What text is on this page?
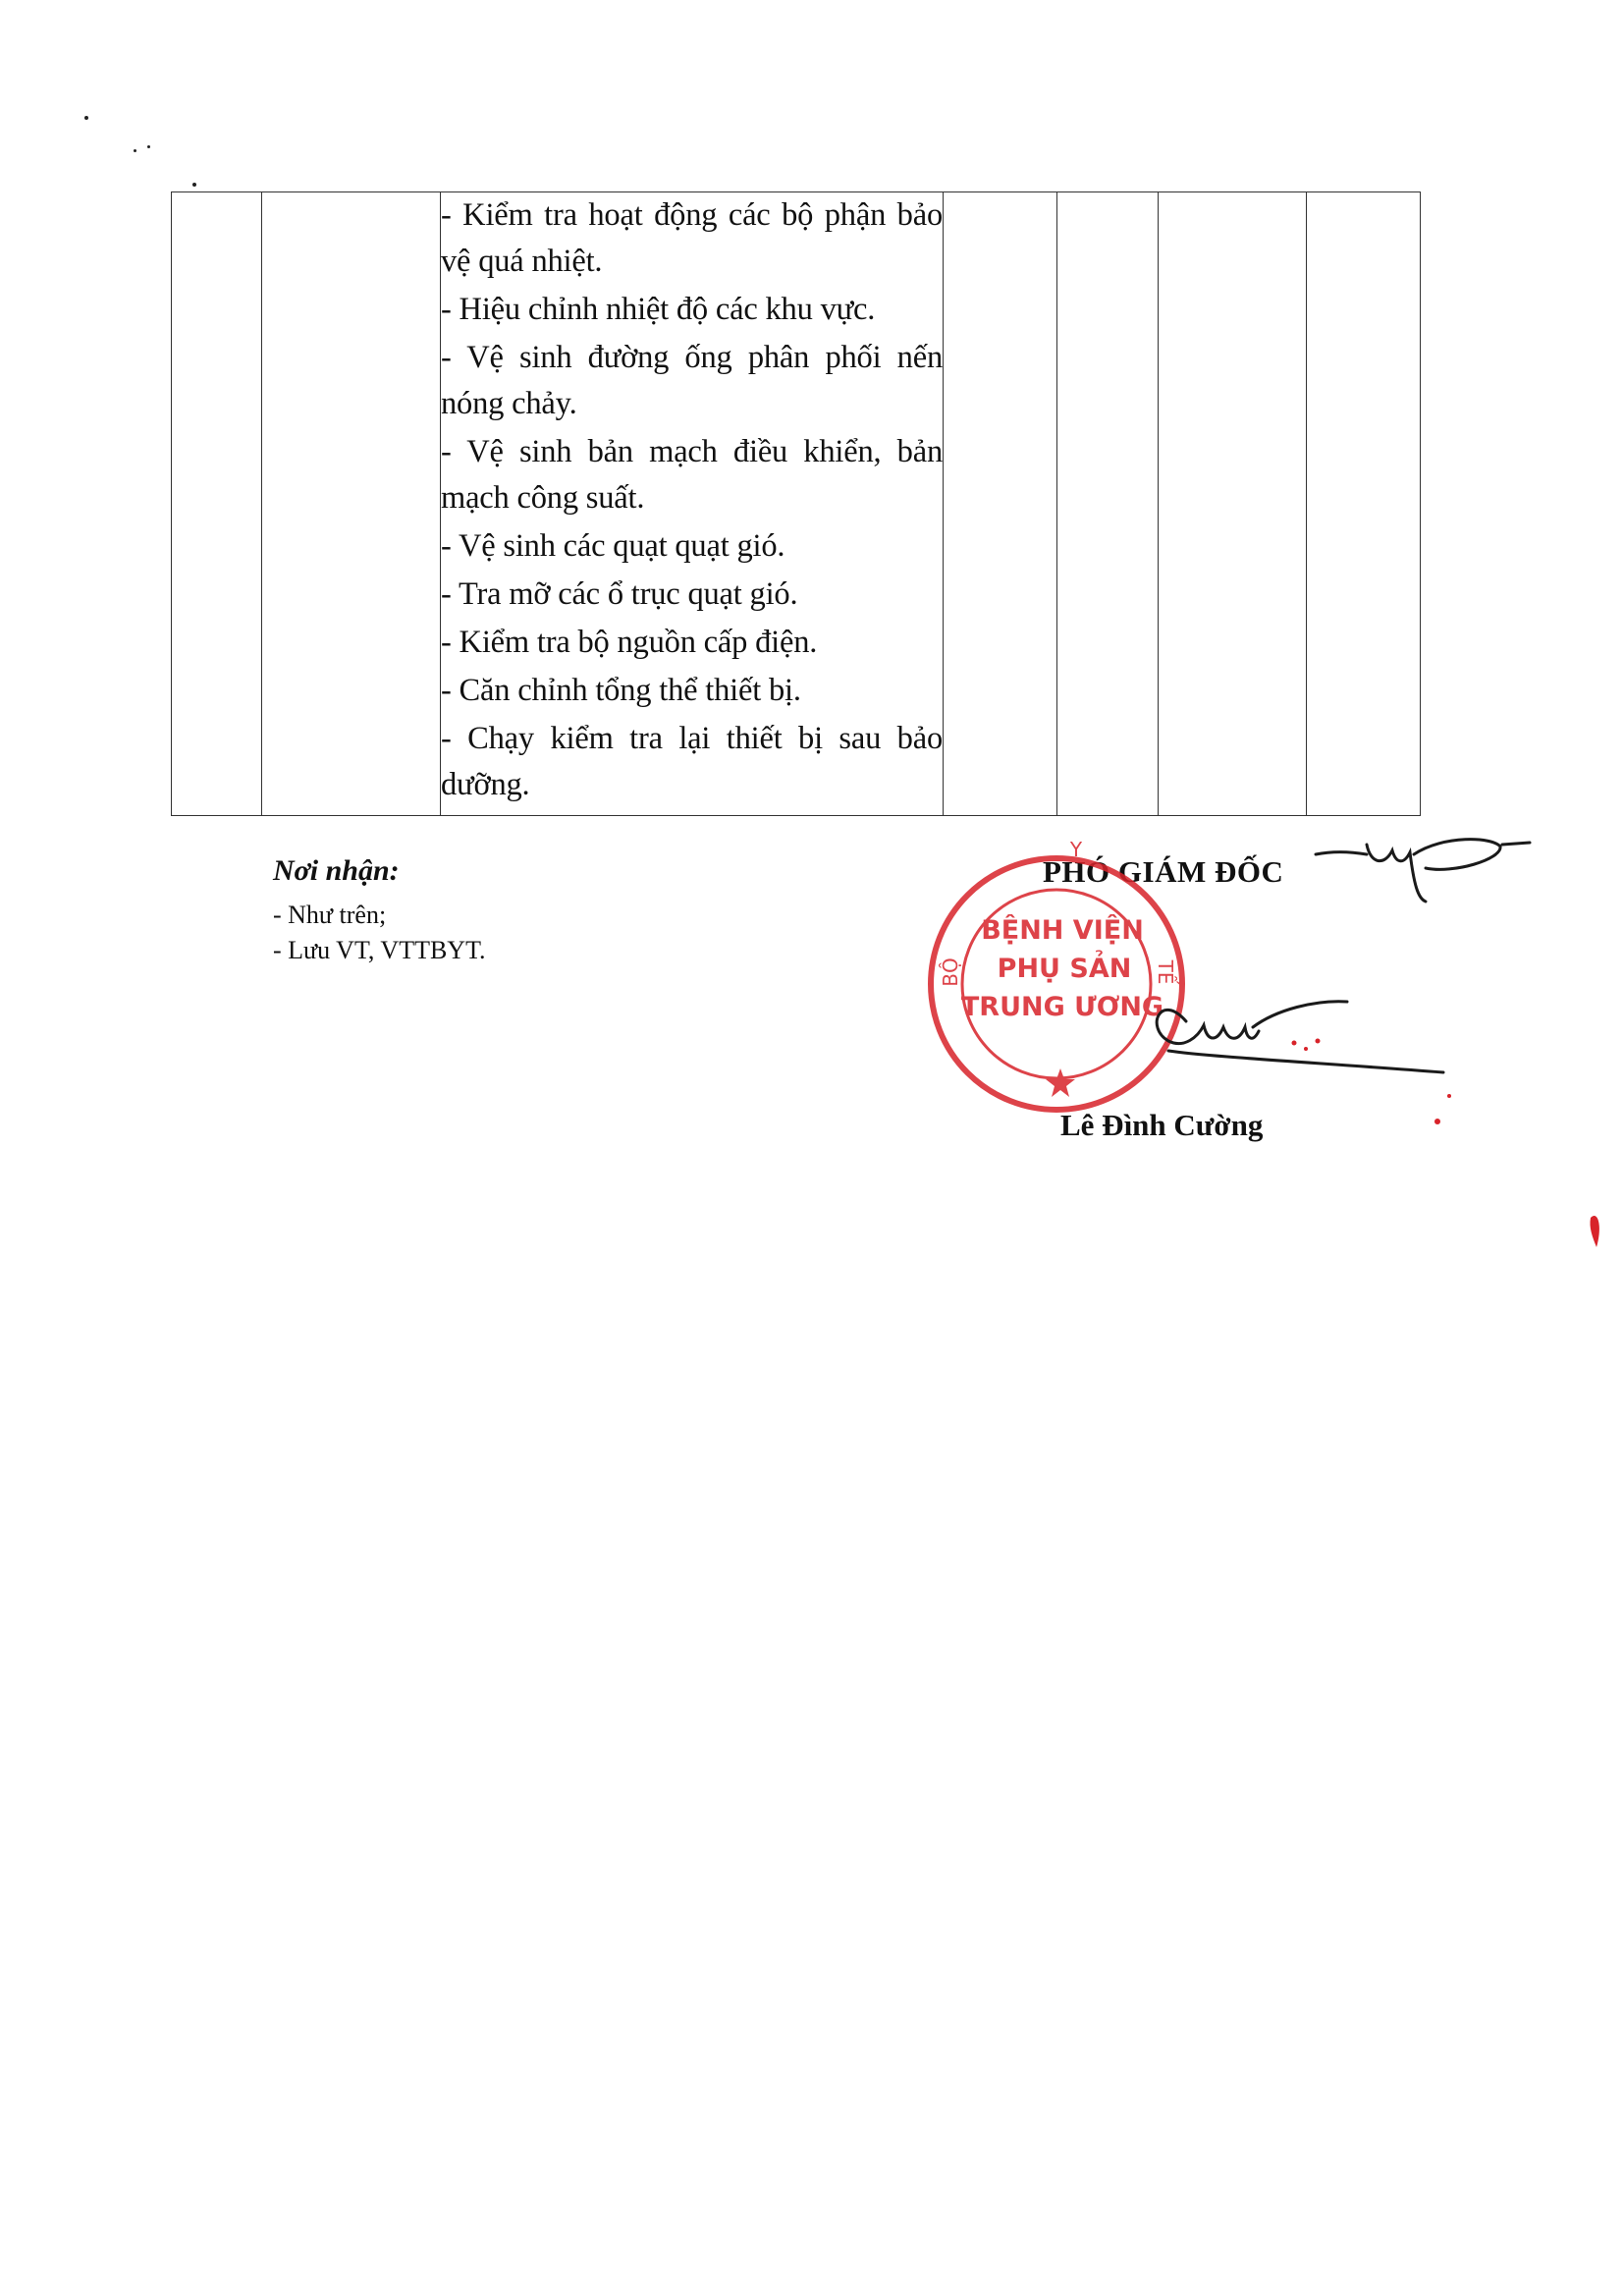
- Kiểm tra hoạt động các bộ phận bảo vệ quá nhiệt.

- Hiệu chỉnh nhiệt độ các khu vực.

- Vệ sinh đường ống phân phối nến nóng chảy.

- Vệ sinh bản mạch điều khiển, bản mạch công suất.

- Vệ sinh các quạt quạt gió.

- Tra mỡ các ổ trục quạt gió.

- Kiểm tra bộ nguồn cấp điện.

- Căn chỉnh tổng thể thiết bị.

- Chạy kiểm tra lại thiết bị sau bảo dưỡng.

Nơi nhận:

- Như trên;

- Lưu VT, VTTBYT.

PHÓ GIÁM ĐỐC
Y
BỘ	TẾ
BỆNH VIỆN
PHỤ SẢN
TRUNG ƯƠNG
Lê Đình Cường
